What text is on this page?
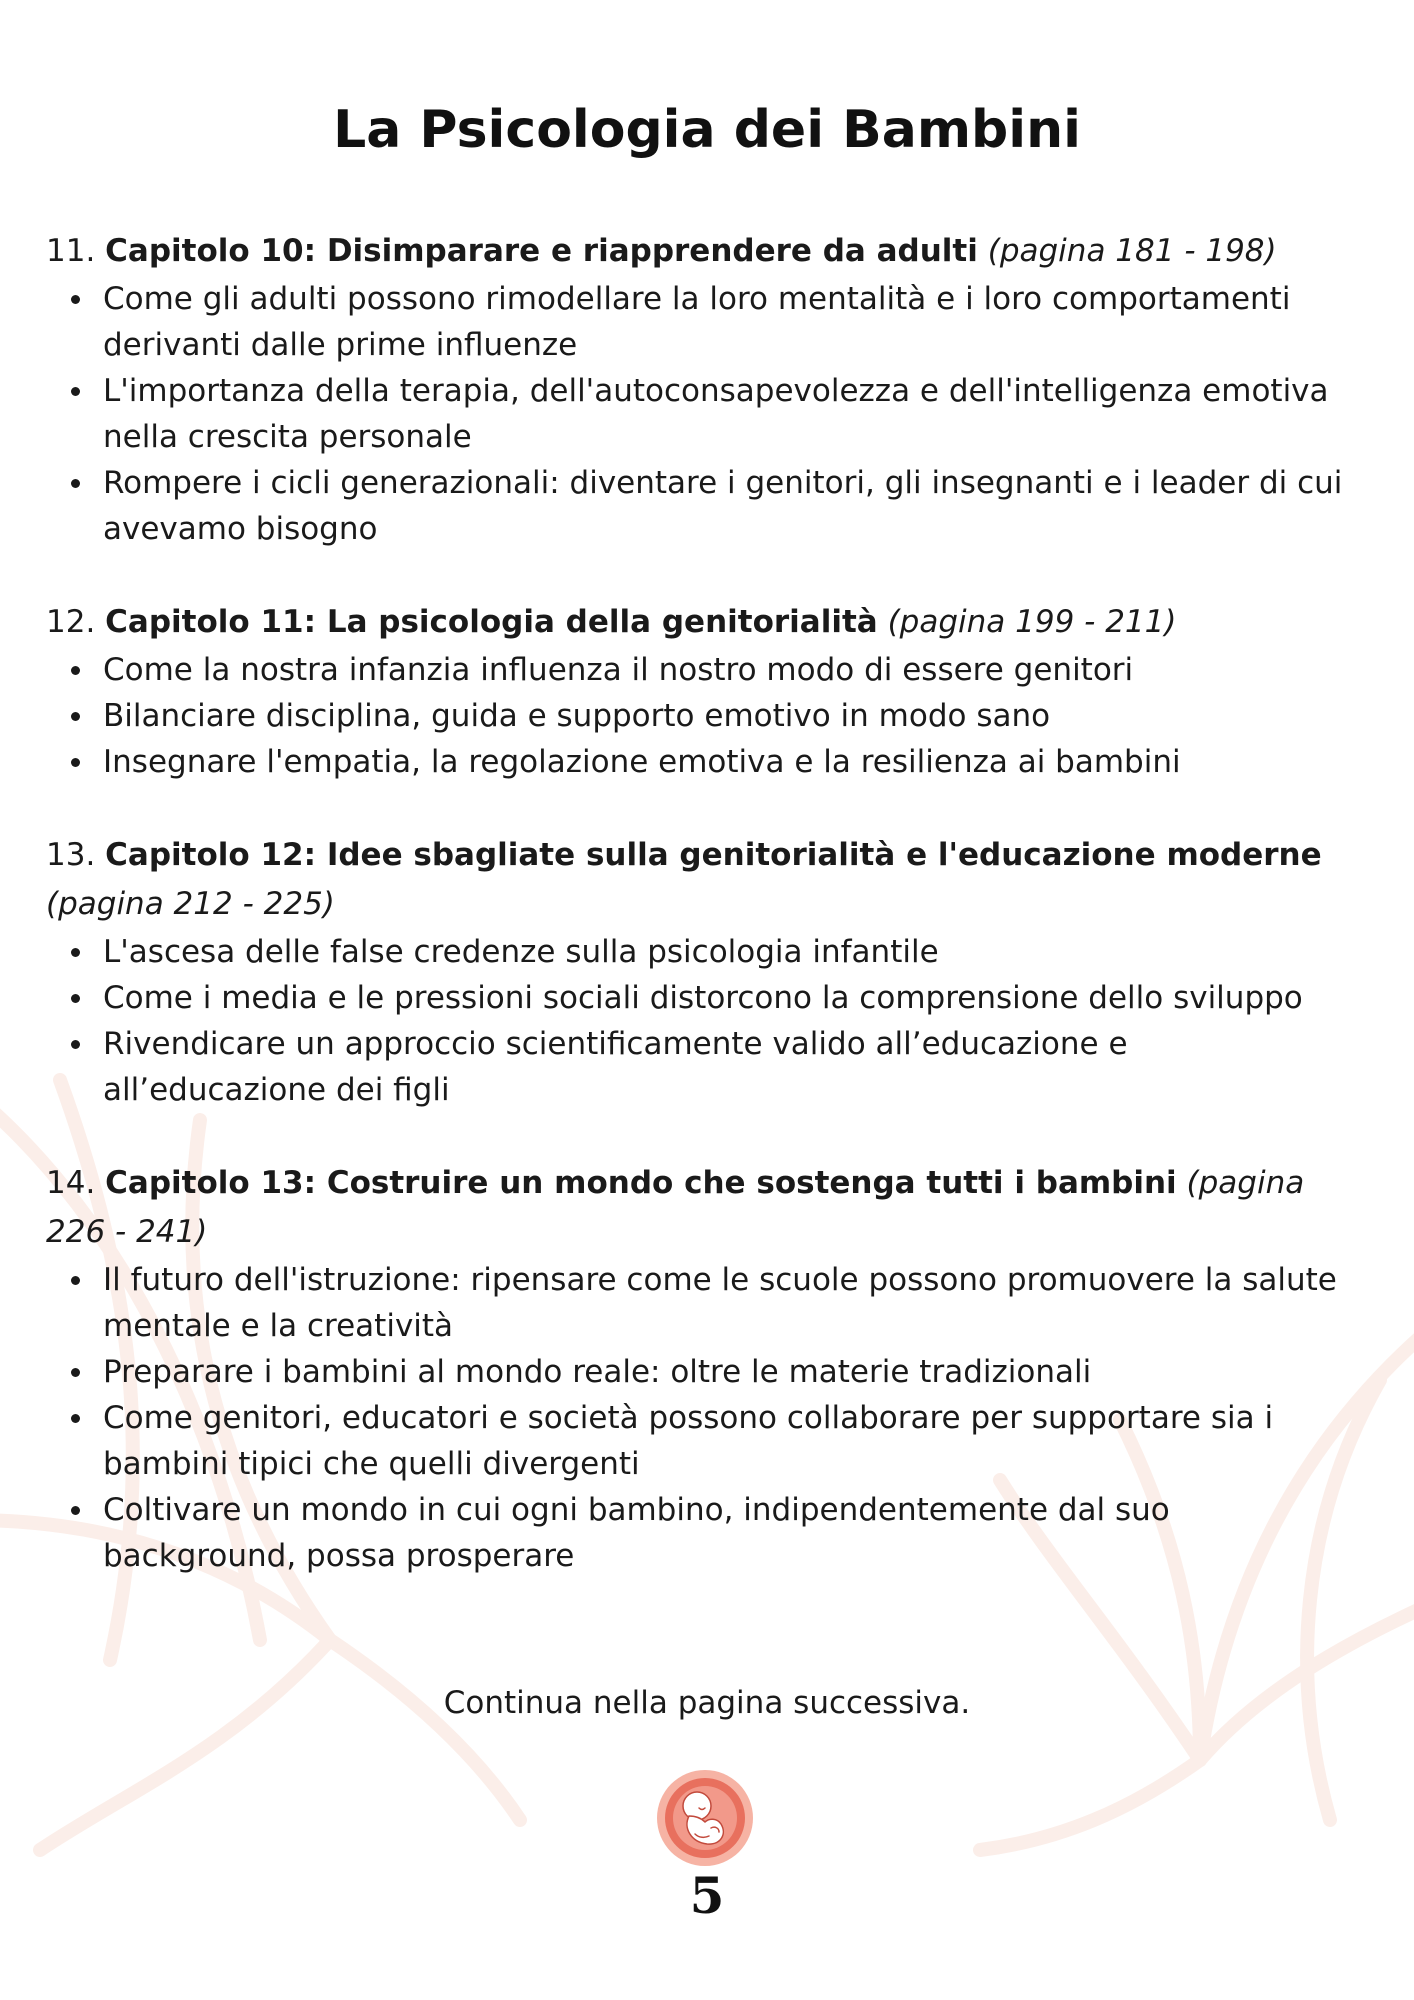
La Psicologia dei Bambini

11. Capitolo 10: Disimparare e riapprendere da adulti (pagina 181 - 198)

Come gli adulti possono rimodellare la loro mentalità e i loro comportamenti derivanti dalle prime influenze
L'importanza della terapia, dell'autoconsapevolezza e dell'intelligenza emotiva nella crescita personale
Rompere i cicli generazionali: diventare i genitori, gli insegnanti e i leader di cui avevamo bisogno

12. Capitolo 11: La psicologia della genitorialità (pagina 199 - 211)

Come la nostra infanzia influenza il nostro modo di essere genitori
Bilanciare disciplina, guida e supporto emotivo in modo sano
Insegnare l'empatia, la regolazione emotiva e la resilienza ai bambini

13. Capitolo 12: Idee sbagliate sulla genitorialità e l'educazione moderne (pagina 212 - 225)

L'ascesa delle false credenze sulla psicologia infantile
Come i media e le pressioni sociali distorcono la comprensione dello sviluppo
Rivendicare un approccio scientificamente valido all’educazione e all’educazione dei figli

14. Capitolo 13: Costruire un mondo che sostenga tutti i bambini (pagina 226 - 241)

Il futuro dell'istruzione: ripensare come le scuole possono promuovere la salute mentale e la creatività
Preparare i bambini al mondo reale: oltre le materie tradizionali
Come genitori, educatori e società possono collaborare per supportare sia i bambini tipici che quelli divergenti
Coltivare un mondo in cui ogni bambino, indipendentemente dal suo background, possa prosperare

Continua nella pagina successiva.

5
